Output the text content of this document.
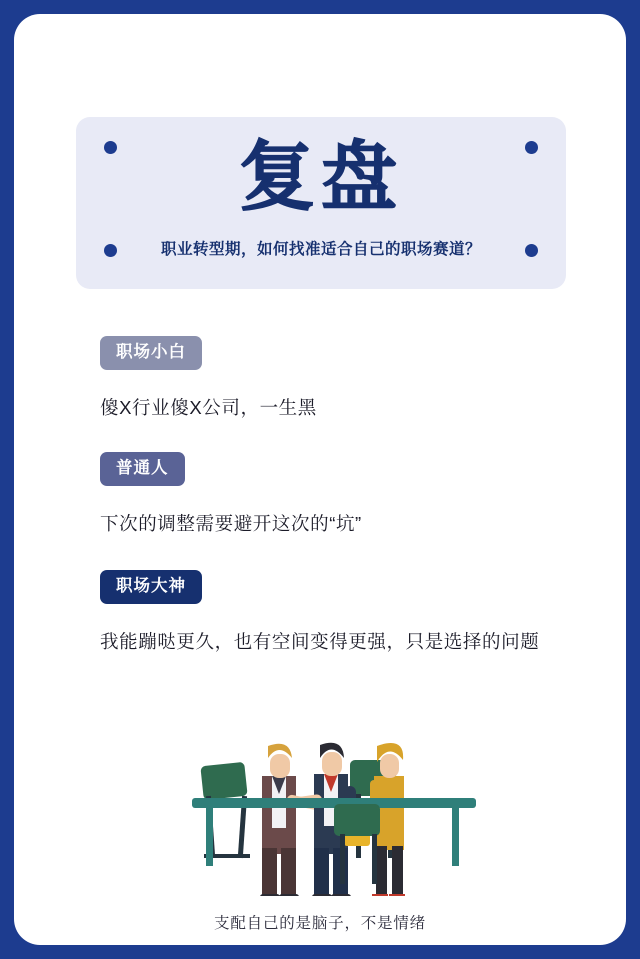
复盘
职业转型期，如何找准适合自己的职场赛道？
职场小白
傻X行业傻X公司，一生黑
普通人
下次的调整需要避开这次的“坑”
职场大神
我能蹦哒更久，也有空间变得更强，只是选择的问题
支配自己的是脑子，不是情绪
